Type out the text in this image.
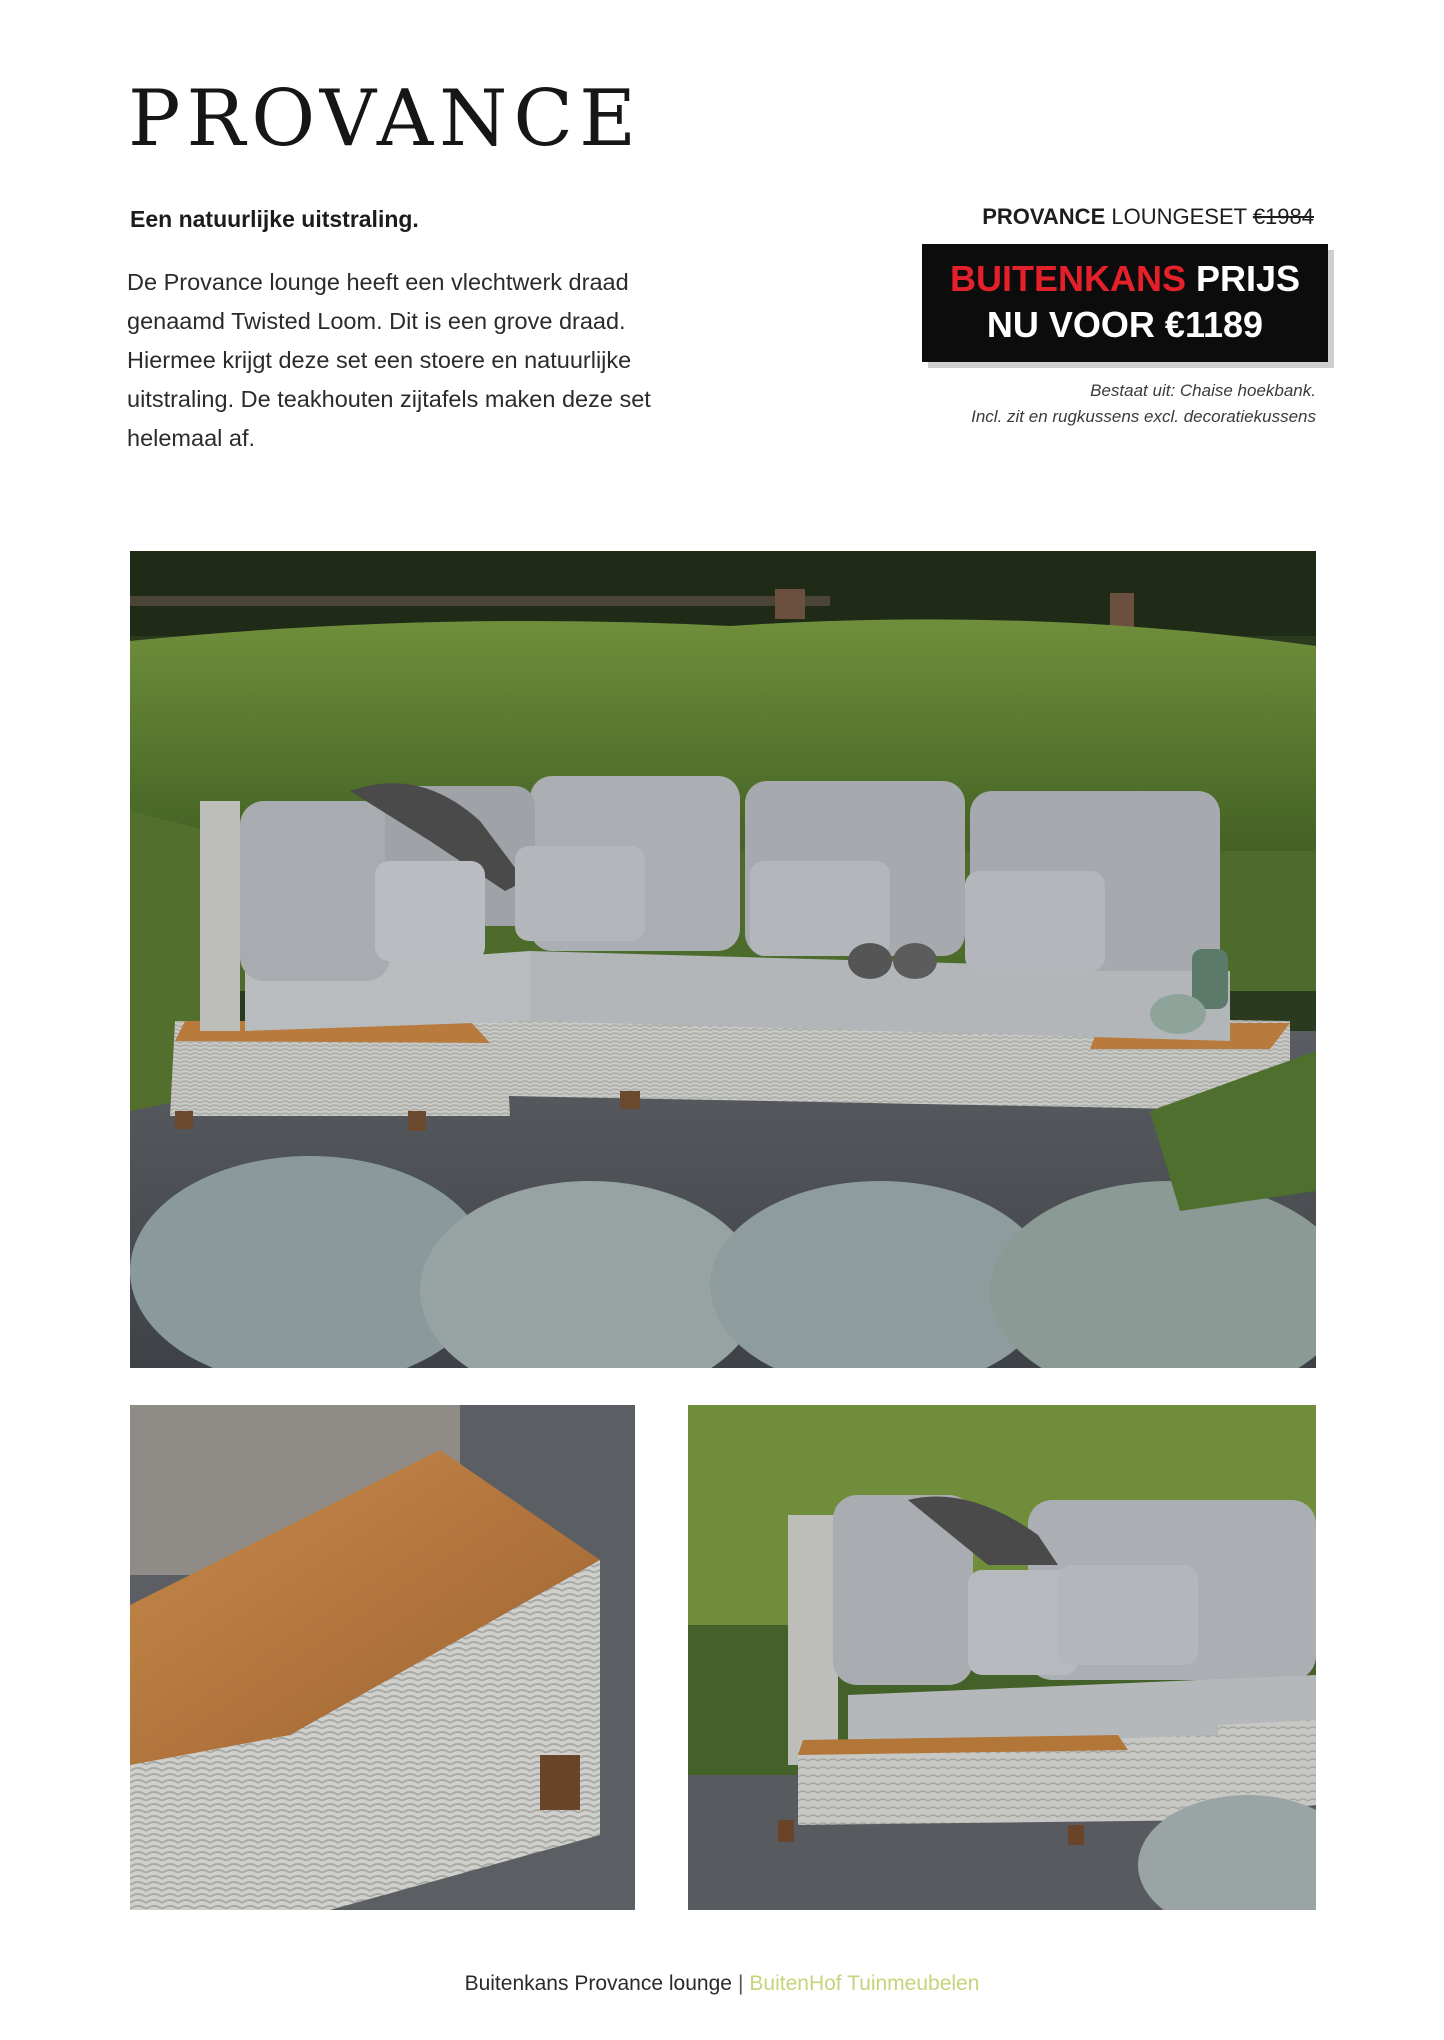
PROVANCE
Een natuurlijke uitstraling.
De Provance lounge heeft een vlechtwerk draad
genaamd Twisted Loom. Dit is een grove draad.
Hiermee krijgt deze set een stoere en natuurlijke
uitstraling. De teakhouten zijtafels maken deze set
helemaal af.
PROVANCE LOUNGESET €1984
BUITENKANS PRIJS
NU VOOR €1189
Bestaat uit: Chaise hoekbank.
Incl. zit en rugkussens excl. decoratiekussens
Buitenkans Provance lounge | BuitenHof Tuinmeubelen
